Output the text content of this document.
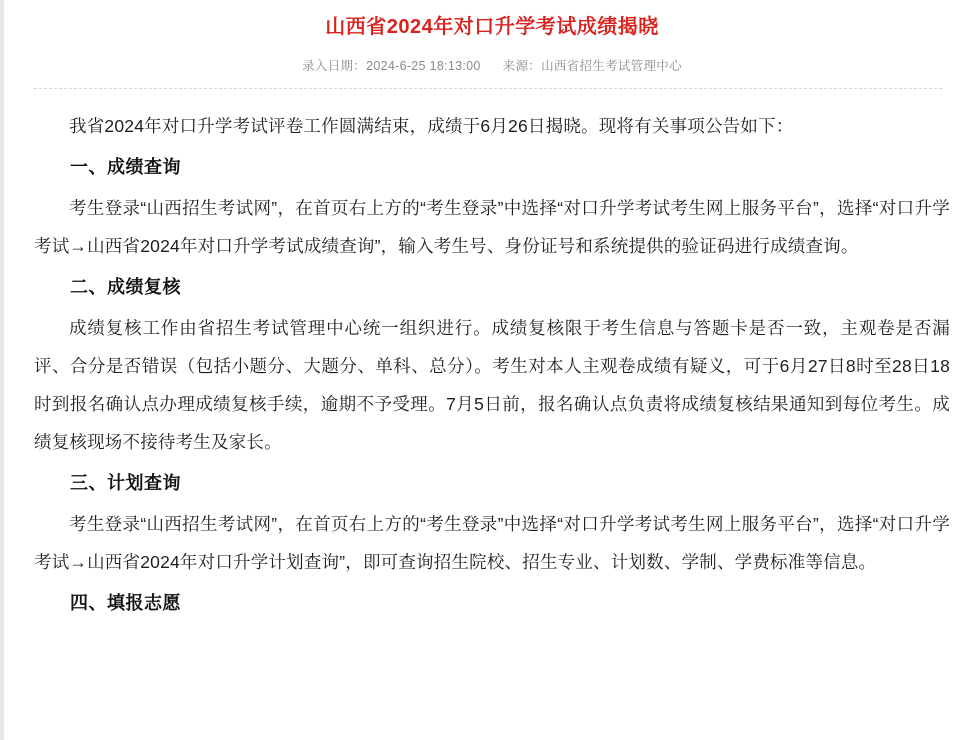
山西省2024年对口升学考试成绩揭晓
录入日期：2024-6-25 18:13:00 来源：山西省招生考试管理中心

我省2024年对口升学考试评卷工作圆满结束，成绩于6月26日揭晓。现将有关事项公告如下：

一、成绩查询

考生登录“山西招生考试网”，在首页右上方的“考生登录”中选择“对口升学考试考生网上服务平台”，选择“对口升学考试→山西省2024年对口升学考试成绩查询”，输入考生号、身份证号和系统提供的验证码进行成绩查询。

二、成绩复核

成绩复核工作由省招生考试管理中心统一组织进行。成绩复核限于考生信息与答题卡是否一致，主观卷是否漏评、合分是否错误（包括小题分、大题分、单科、总分）。考生对本人主观卷成绩有疑义，可于6月27日8时至28日18时到报名确认点办理成绩复核手续，逾期不予受理。7月5日前，报名确认点负责将成绩复核结果通知到每位考生。成绩复核现场不接待考生及家长。

三、计划查询

考生登录“山西招生考试网”，在首页右上方的“考生登录”中选择“对口升学考试考生网上服务平台”，选择“对口升学考试→山西省2024年对口升学计划查询”，即可查询招生院校、招生专业、计划数、学制、学费标准等信息。

四、填报志愿
